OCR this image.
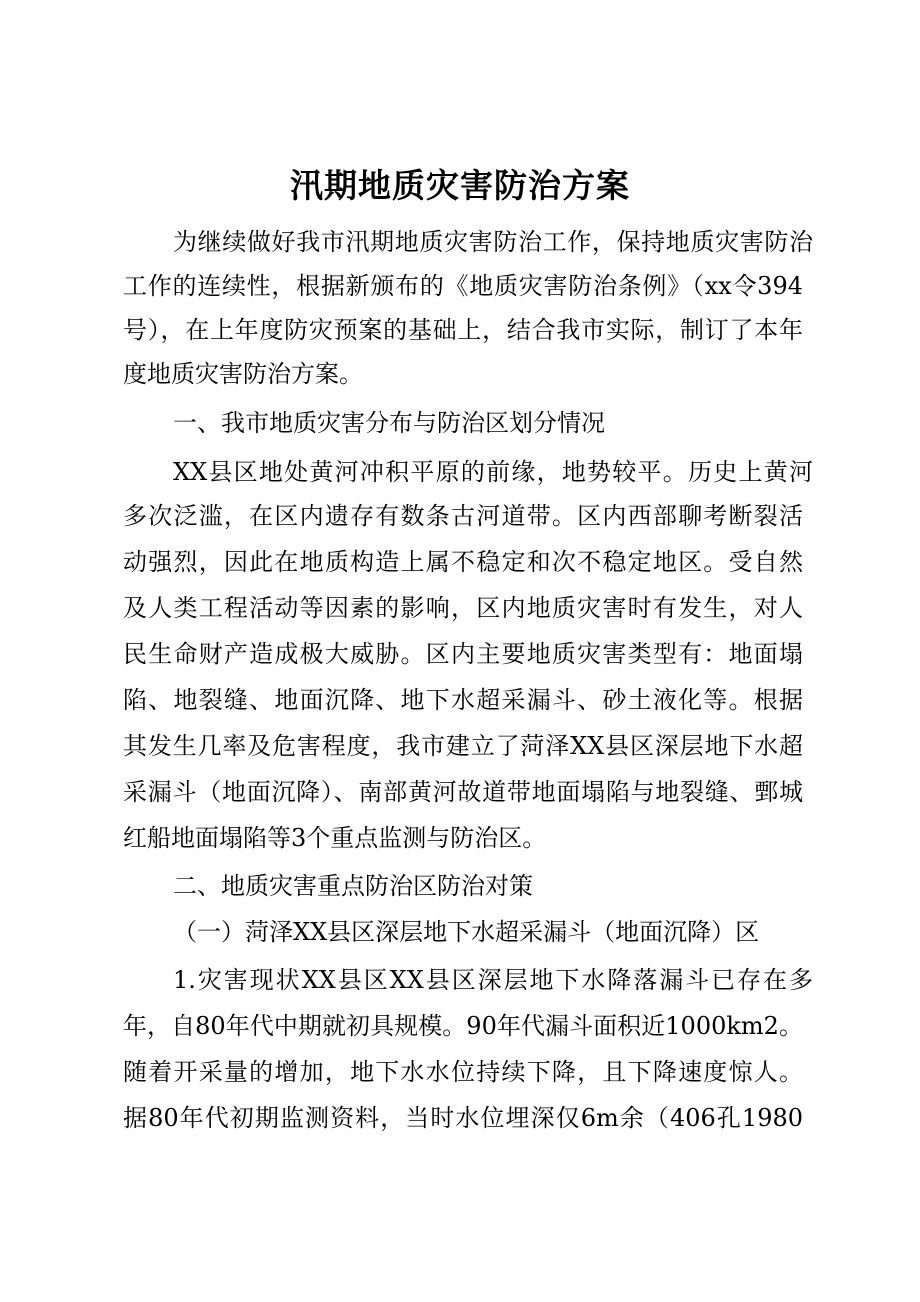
汛期地质灾害防治方案
为继续做好我市汛期地质灾害防治工作，保持地质灾害防治
工作的连续性，根据新颁布的《地质灾害防治条例》（xx令394
号），在上年度防灾预案的基础上，结合我市实际，制订了本年
度地质灾害防治方案。
一、我市地质灾害分布与防治区划分情况
XX县区地处黄河冲积平原的前缘，地势较平。历史上黄河
多次泛滥，在区内遗存有数条古河道带。区内西部聊考断裂活
动强烈，因此在地质构造上属不稳定和次不稳定地区。受自然
及人类工程活动等因素的影响，区内地质灾害时有发生，对人
民生命财产造成极大威胁。区内主要地质灾害类型有：地面塌
陷、地裂缝、地面沉降、地下水超采漏斗、砂土液化等。根据
其发生几率及危害程度，我市建立了菏泽XX县区深层地下水超
采漏斗（地面沉降）、南部黄河故道带地面塌陷与地裂缝、鄄城
红船地面塌陷等3个重点监测与防治区。
二、地质灾害重点防治区防治对策
（一）菏泽XX县区深层地下水超采漏斗（地面沉降）区
1.灾害现状XX县区XX县区深层地下水降落漏斗已存在多
年，自80年代中期就初具规模。90年代漏斗面积近1000km2。
随着开采量的增加，地下水水位持续下降，且下降速度惊人。
据80年代初期监测资料，当时水位埋深仅6m余（406孔1980
